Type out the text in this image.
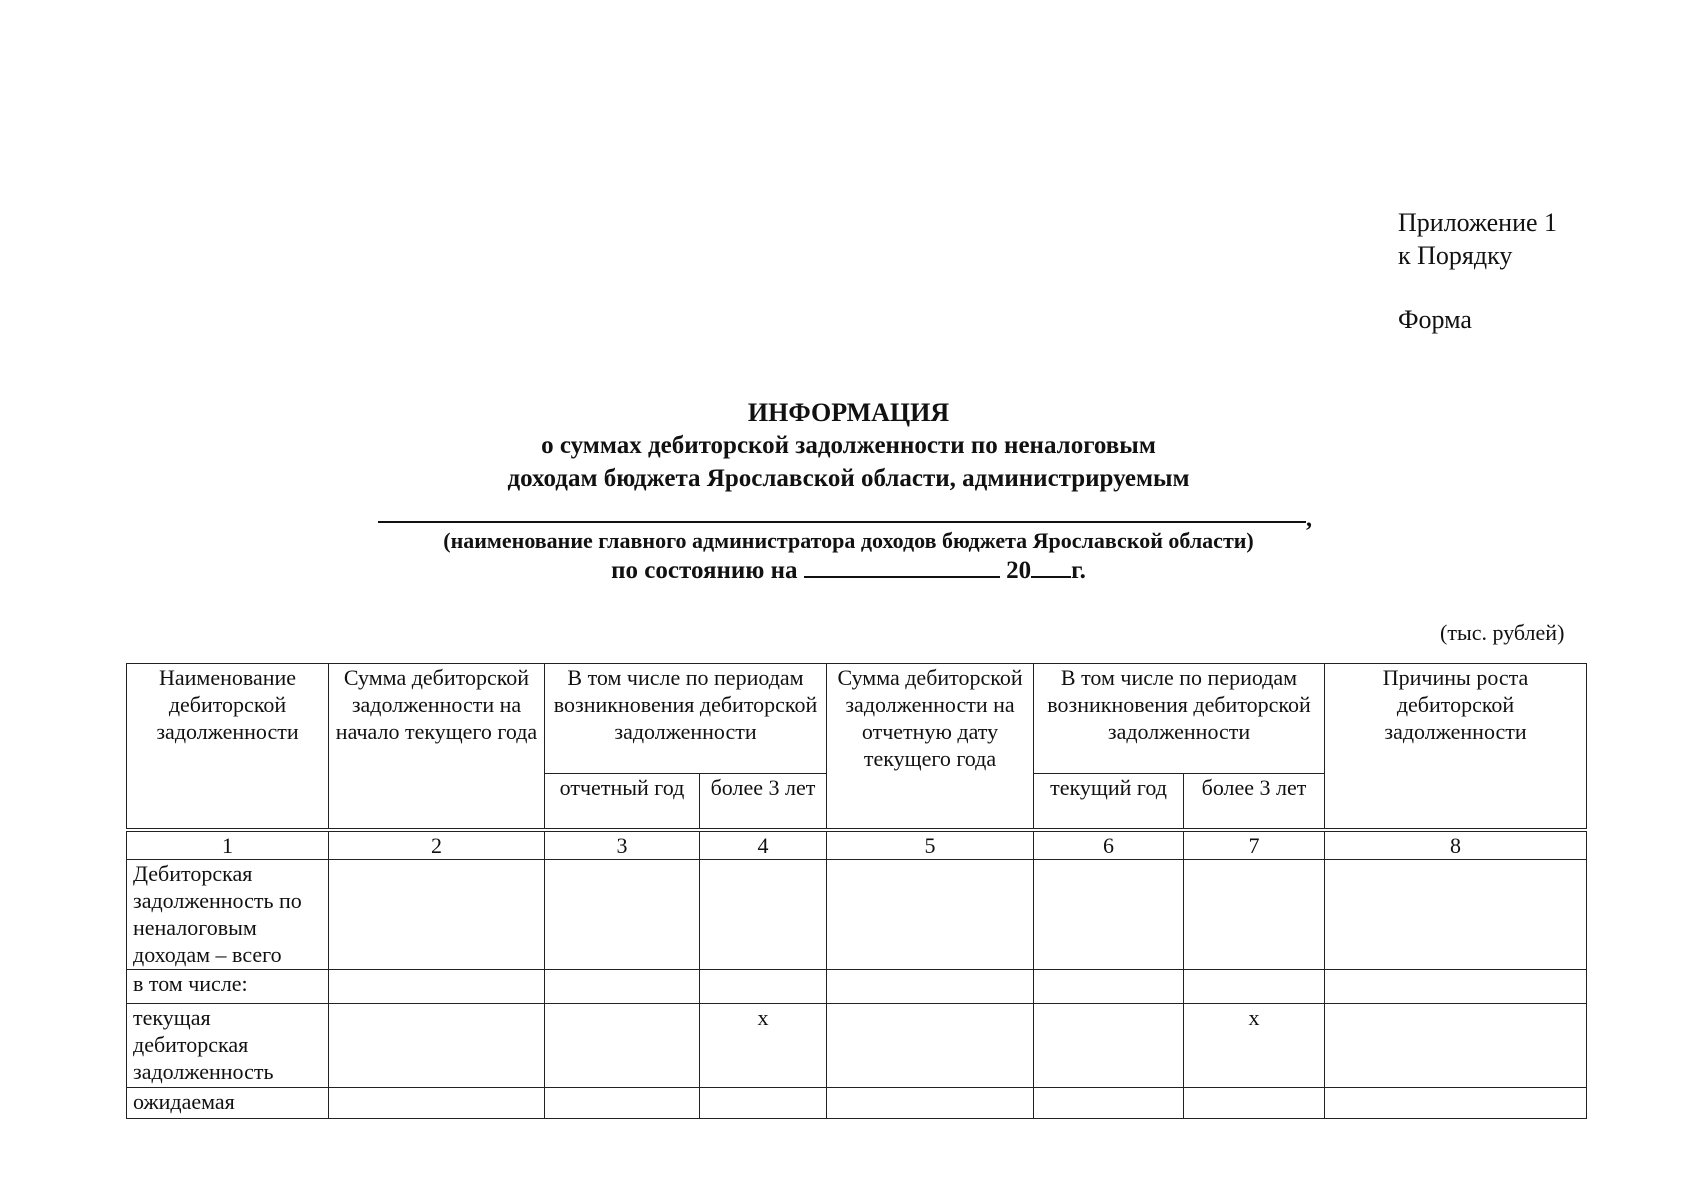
Приложение 1
к Порядку
Форма
ИНФОРМАЦИЯ
о суммах дебиторской задолженности по неналоговым
доходам бюджета Ярославской области, администрируемым
,
(наименование главного администратора доходов бюджета Ярославской области)
по состоянию на	20 г.
(тыс. рублей)
Наименование дебиторской задолженности	Сумма дебиторской задолженности на начало текущего года	В том числе по периодам возникновения дебиторской задолженности		Сумма дебиторской задолженности на отчетную дату текущего года	В том числе по периодам возникновения дебиторской задолженности		Причины роста дебиторской задолженности
		отчетный год	более 3 лет		текущий год	более 3 лет	
1	2	3	4	5	6	7	8
Дебиторская задолженность по неналоговым доходам – всего							
в том числе:							
текущая дебиторская задолженность			х			х	
ожидаемая							
